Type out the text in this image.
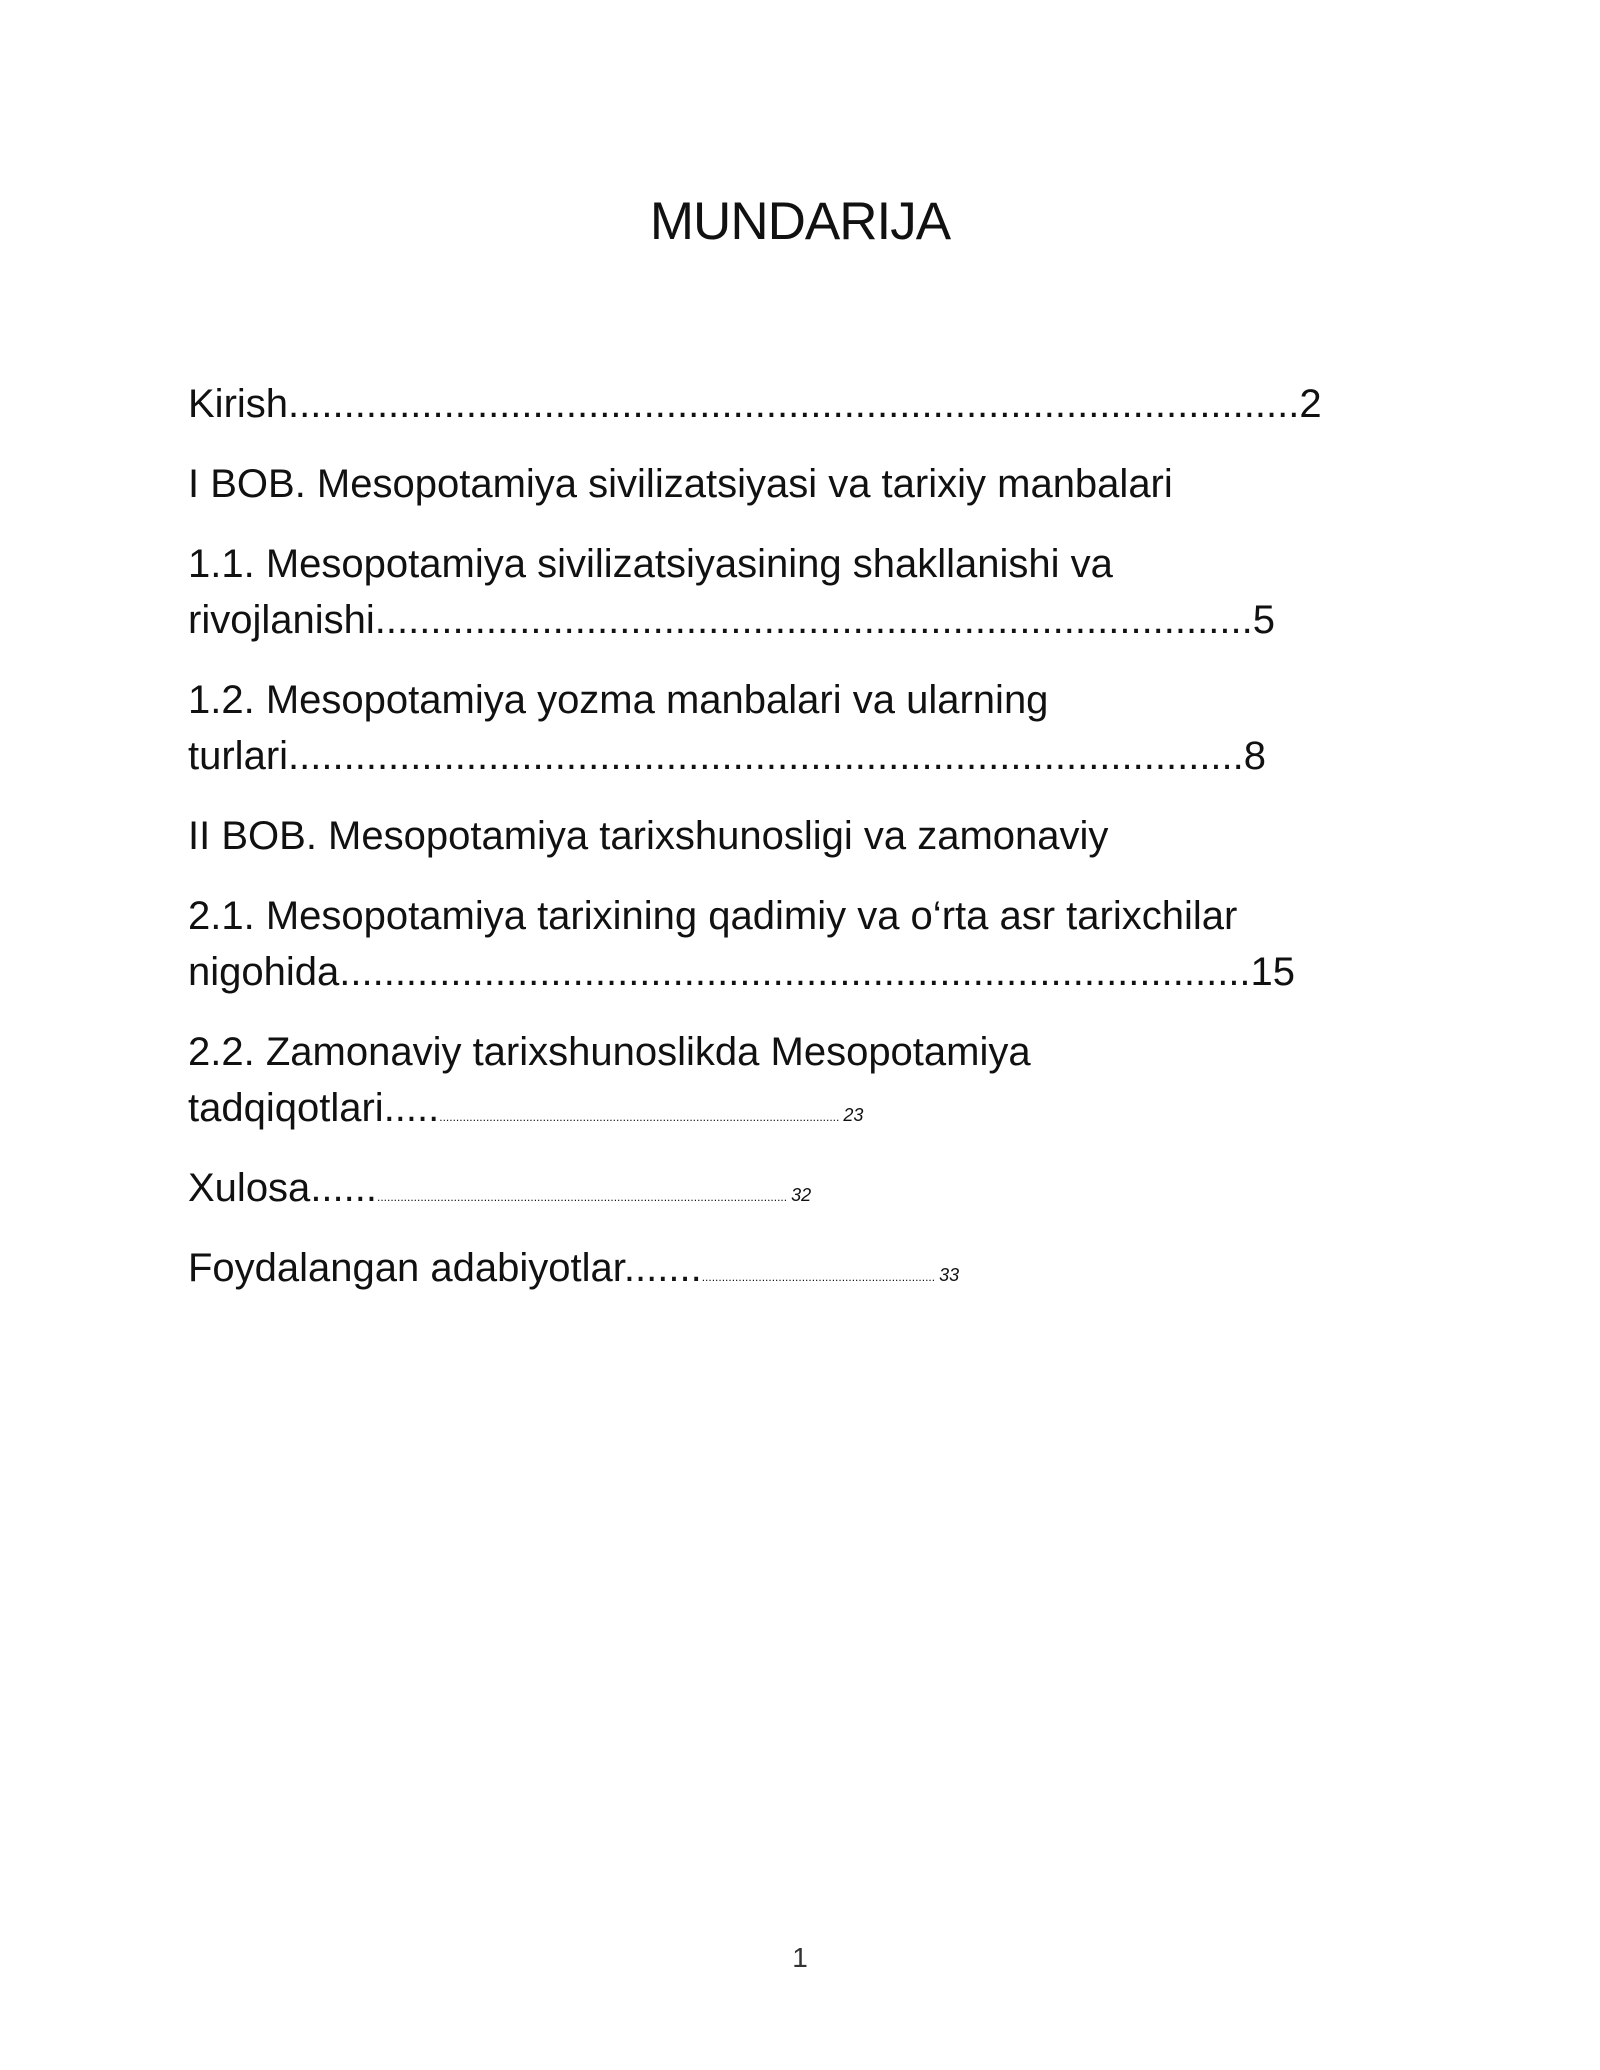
MUNDARIJA
Kirish...........................................................................................2
I BOB. Mesopotamiya sivilizatsiyasi va tarixiy manbalari
1.1. Mesopotamiya sivilizatsiyasining shakllanishi va
rivojlanishi...............................................................................5
1.2. Mesopotamiya yozma manbalari va ularning
turlari......................................................................................8
II BOB. Mesopotamiya tarixshunosligi va zamonaviy
2.1. Mesopotamiya tarixining qadimiy va o‘rta asr tarixchilar
nigohida..................................................................................15
2.2. Zamonaviy tarixshunoslikda Mesopotamiya
tadqiqotlari............................................................................................................................. 23
Xulosa................................................................................................................................. 32
Foydalangan adabiyotlar............................................................................. 33
1
